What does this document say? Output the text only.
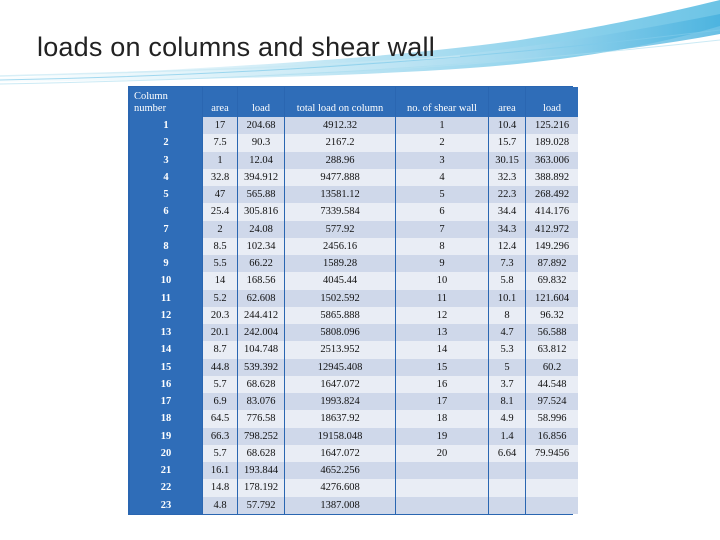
loads on columns and shear wall
Column number	area	load	total load on column	no. of shear wall	area	load
1	17	204.68	4912.32	1	10.4	125.216
2	7.5	90.3	2167.2	2	15.7	189.028
3	1	12.04	288.96	3	30.15	363.006
4	32.8	394.912	9477.888	4	32.3	388.892
5	47	565.88	13581.12	5	22.3	268.492
6	25.4	305.816	7339.584	6	34.4	414.176
7	2	24.08	577.92	7	34.3	412.972
8	8.5	102.34	2456.16	8	12.4	149.296
9	5.5	66.22	1589.28	9	7.3	87.892
10	14	168.56	4045.44	10	5.8	69.832
11	5.2	62.608	1502.592	11	10.1	121.604
12	20.3	244.412	5865.888	12	8	96.32
13	20.1	242.004	5808.096	13	4.7	56.588
14	8.7	104.748	2513.952	14	5.3	63.812
15	44.8	539.392	12945.408	15	5	60.2
16	5.7	68.628	1647.072	16	3.7	44.548
17	6.9	83.076	1993.824	17	8.1	97.524
18	64.5	776.58	18637.92	18	4.9	58.996
19	66.3	798.252	19158.048	19	1.4	16.856
20	5.7	68.628	1647.072	20	6.64	79.9456
21	16.1	193.844	4652.256			
22	14.8	178.192	4276.608			
23	4.8	57.792	1387.008			
